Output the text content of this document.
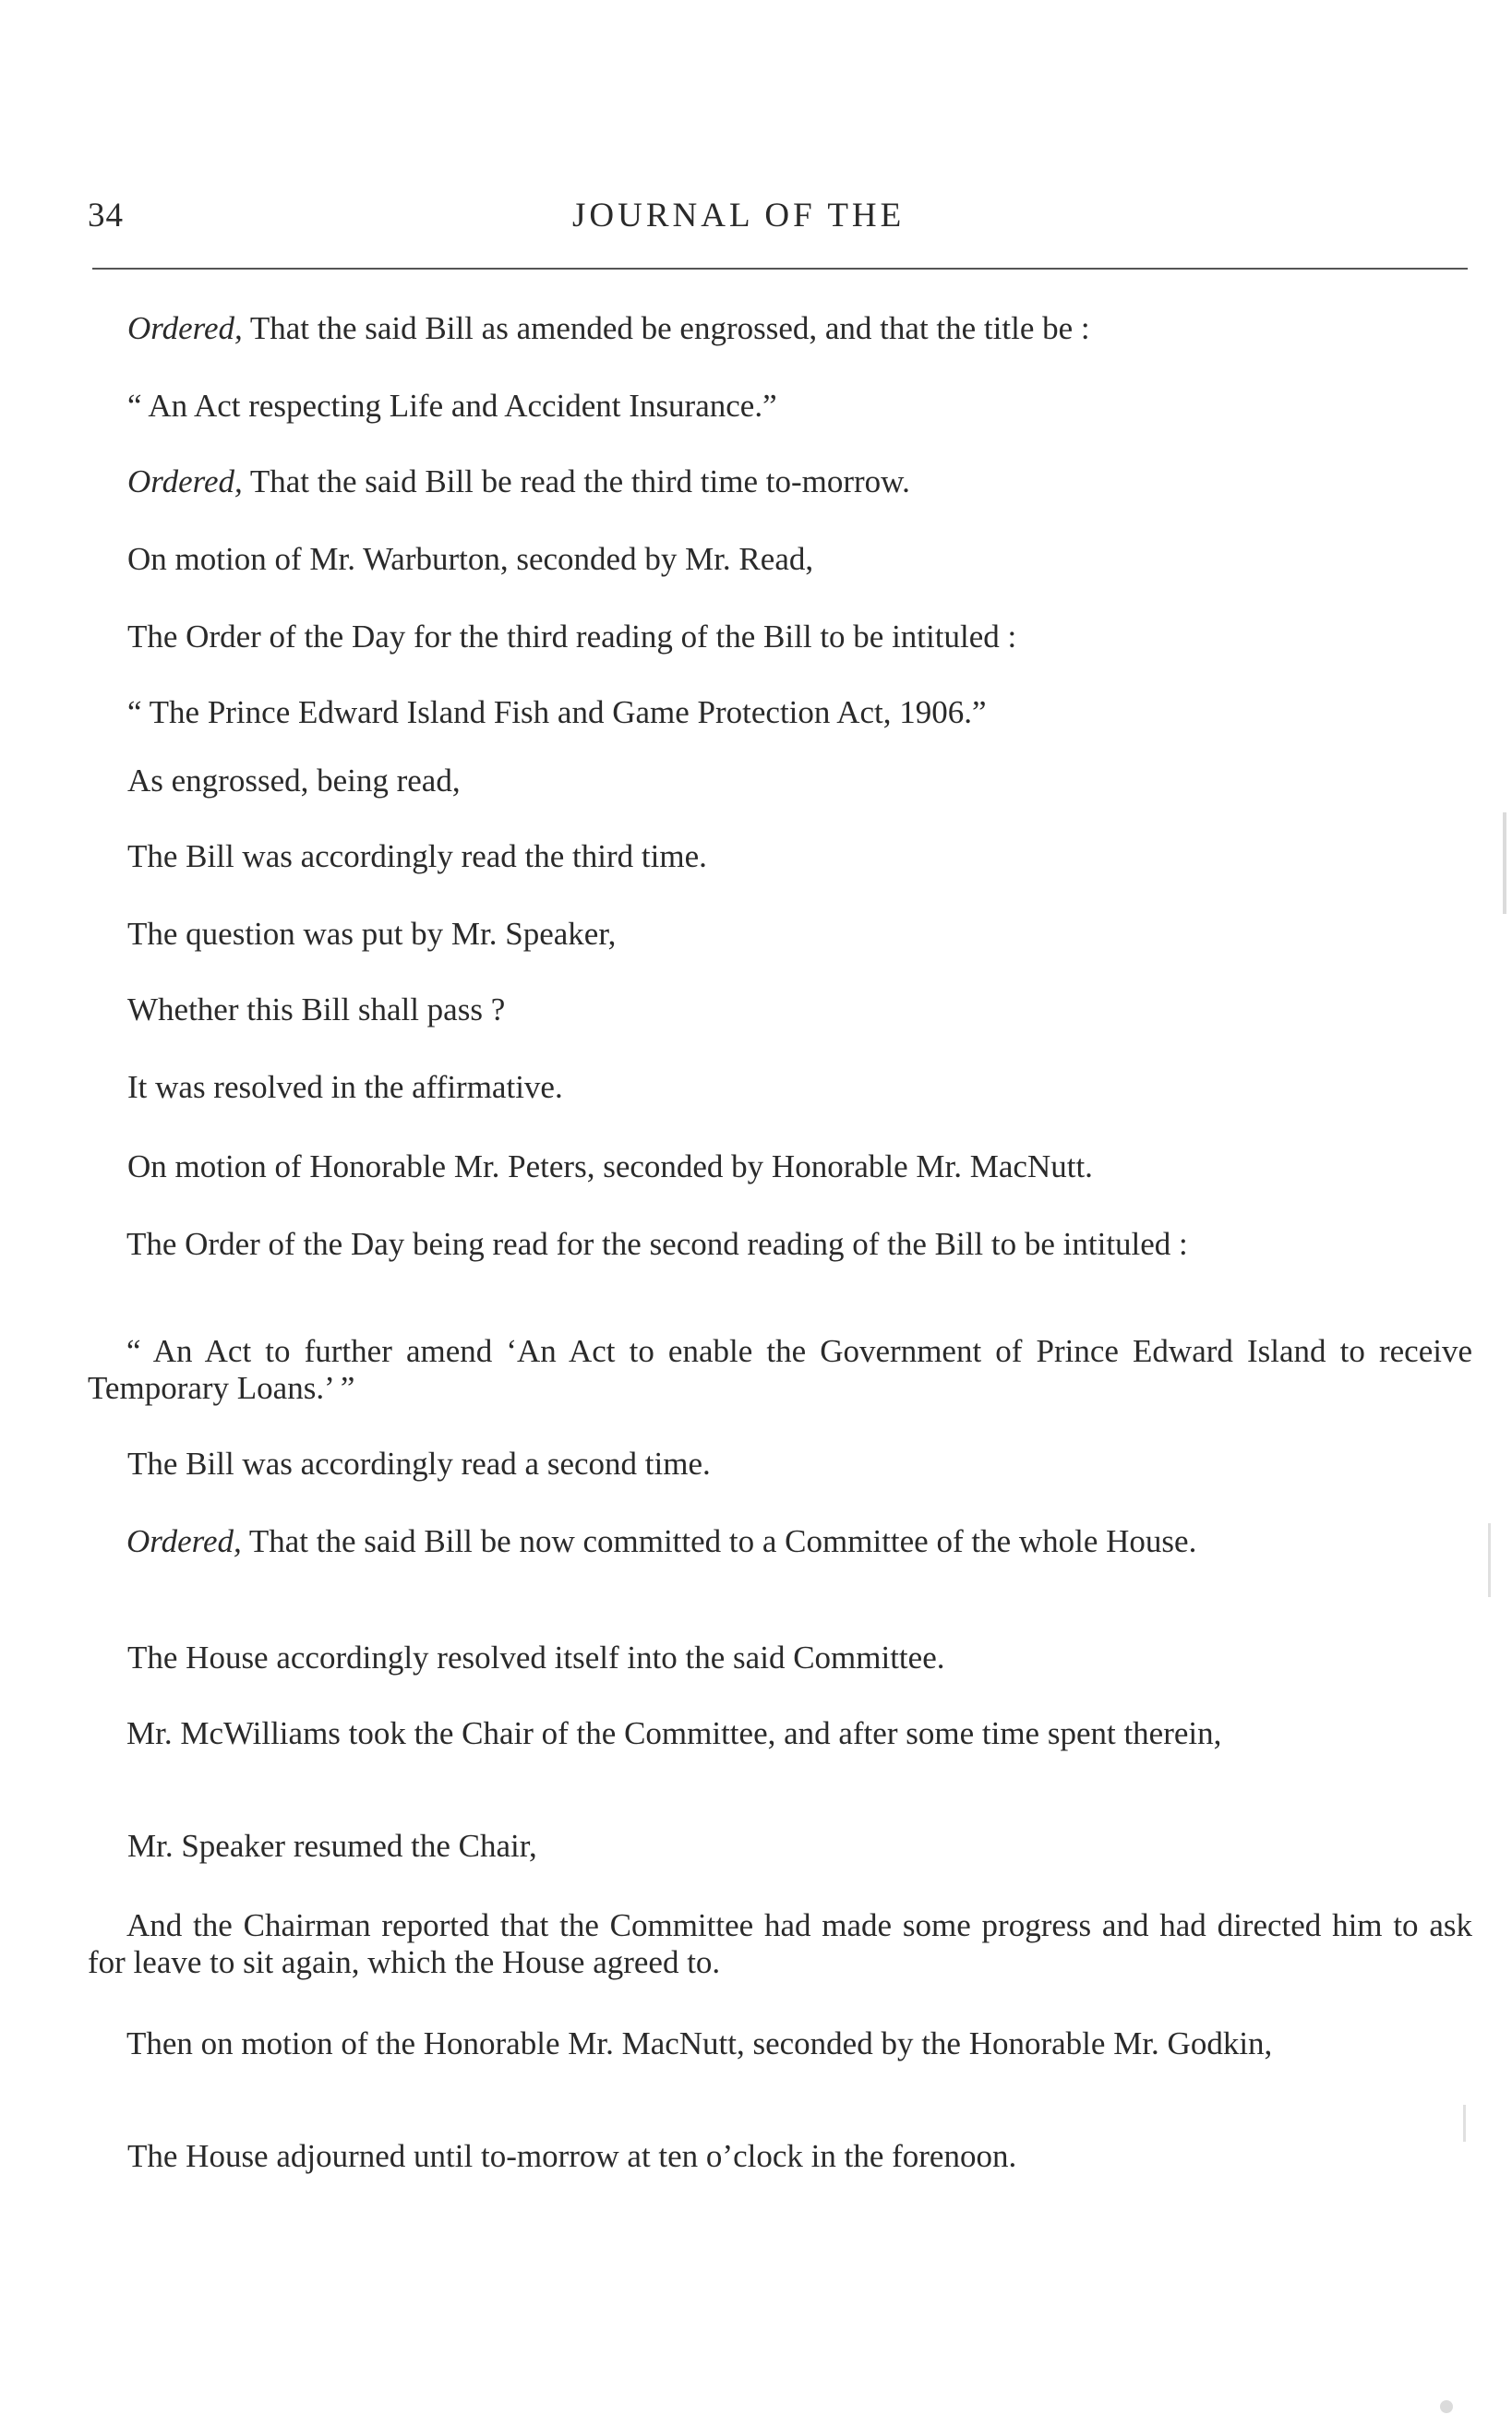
34	JOURNAL OF THE

Ordered, That the said Bill as amended be engrossed, and that the title be :

“ An Act respecting Life and Accident Insurance.”

Ordered, That the said Bill be read the third time to-morrow.

On motion of Mr. Warburton, seconded by Mr. Read,

The Order of the Day for the third reading of the Bill to be intituled :

“ The Prince Edward Island Fish and Game Protection Act, 1906.”

As engrossed, being read,

The Bill was accordingly read the third time.

The question was put by Mr. Speaker,

Whether this Bill shall pass ?

It was resolved in the affirmative.

On motion of Honorable Mr. Peters, seconded by Honorable Mr. MacNutt.

The Order of the Day being read for the second reading of the Bill to be intituled :

“ An Act to further amend ‘An Act to enable the Government of Prince Edward Island to receive Temporary Loans.’ ”

The Bill was accordingly read a second time.

Ordered, That the said Bill be now committed to a Committee of the whole House.

The House accordingly resolved itself into the said Committee.

Mr. McWilliams took the Chair of the Committee, and after some time spent therein,

Mr. Speaker resumed the Chair,

And the Chairman reported that the Committee had made some progress and had directed him to ask for leave to sit again, which the House agreed to.

Then on motion of the Honorable Mr. MacNutt, seconded by the Honorable Mr. Godkin,

The House adjourned until to-morrow at ten o’clock in the forenoon.
